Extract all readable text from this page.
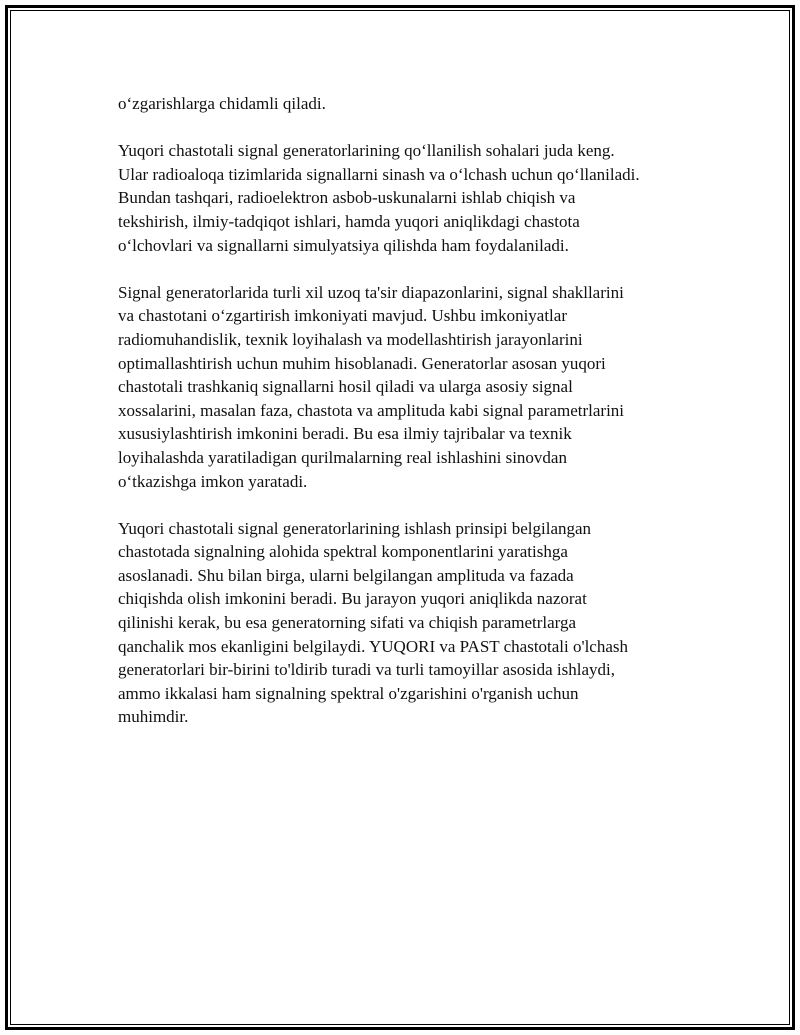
o‘zgarishlarga chidamli qiladi.

Yuqori chastotali signal generatorlarining qo‘llanilish sohalari juda keng.
Ular radioaloqa tizimlarida signallarni sinash va o‘lchash uchun qo‘llaniladi.
Bundan tashqari, radioelektron asbob-uskunalarni ishlab chiqish va
tekshirish, ilmiy-tadqiqot ishlari, hamda yuqori aniqlikdagi chastota
o‘lchovlari va signallarni simulyatsiya qilishda ham foydalaniladi.

Signal generatorlarida turli xil uzoq ta'sir diapazonlarini, signal shakllarini
va chastotani o‘zgartirish imkoniyati mavjud. Ushbu imkoniyatlar
radiomuhandislik, texnik loyihalash va modellashtirish jarayonlarini
optimallashtirish uchun muhim hisoblanadi. Generatorlar asosan yuqori
chastotali trashkaniq signallarni hosil qiladi va ularga asosiy signal
xossalarini, masalan faza, chastota va amplituda kabi signal parametrlarini
xususiylashtirish imkonini beradi. Bu esa ilmiy tajribalar va texnik
loyihalashda yaratiladigan qurilmalarning real ishlashini sinovdan
o‘tkazishga imkon yaratadi.

Yuqori chastotali signal generatorlarining ishlash prinsipi belgilangan
chastotada signalning alohida spektral komponentlarini yaratishga
asoslanadi. Shu bilan birga, ularni belgilangan amplituda va fazada
chiqishda olish imkonini beradi. Bu jarayon yuqori aniqlikda nazorat
qilinishi kerak, bu esa generatorning sifati va chiqish parametrlarga
qanchalik mos ekanligini belgilaydi. YUQORI va PAST chastotali o'lchash
generatorlari bir-birini to'ldirib turadi va turli tamoyillar asosida ishlaydi,
ammo ikkalasi ham signalning spektral o'zgarishini o'rganish uchun
muhimdir.
